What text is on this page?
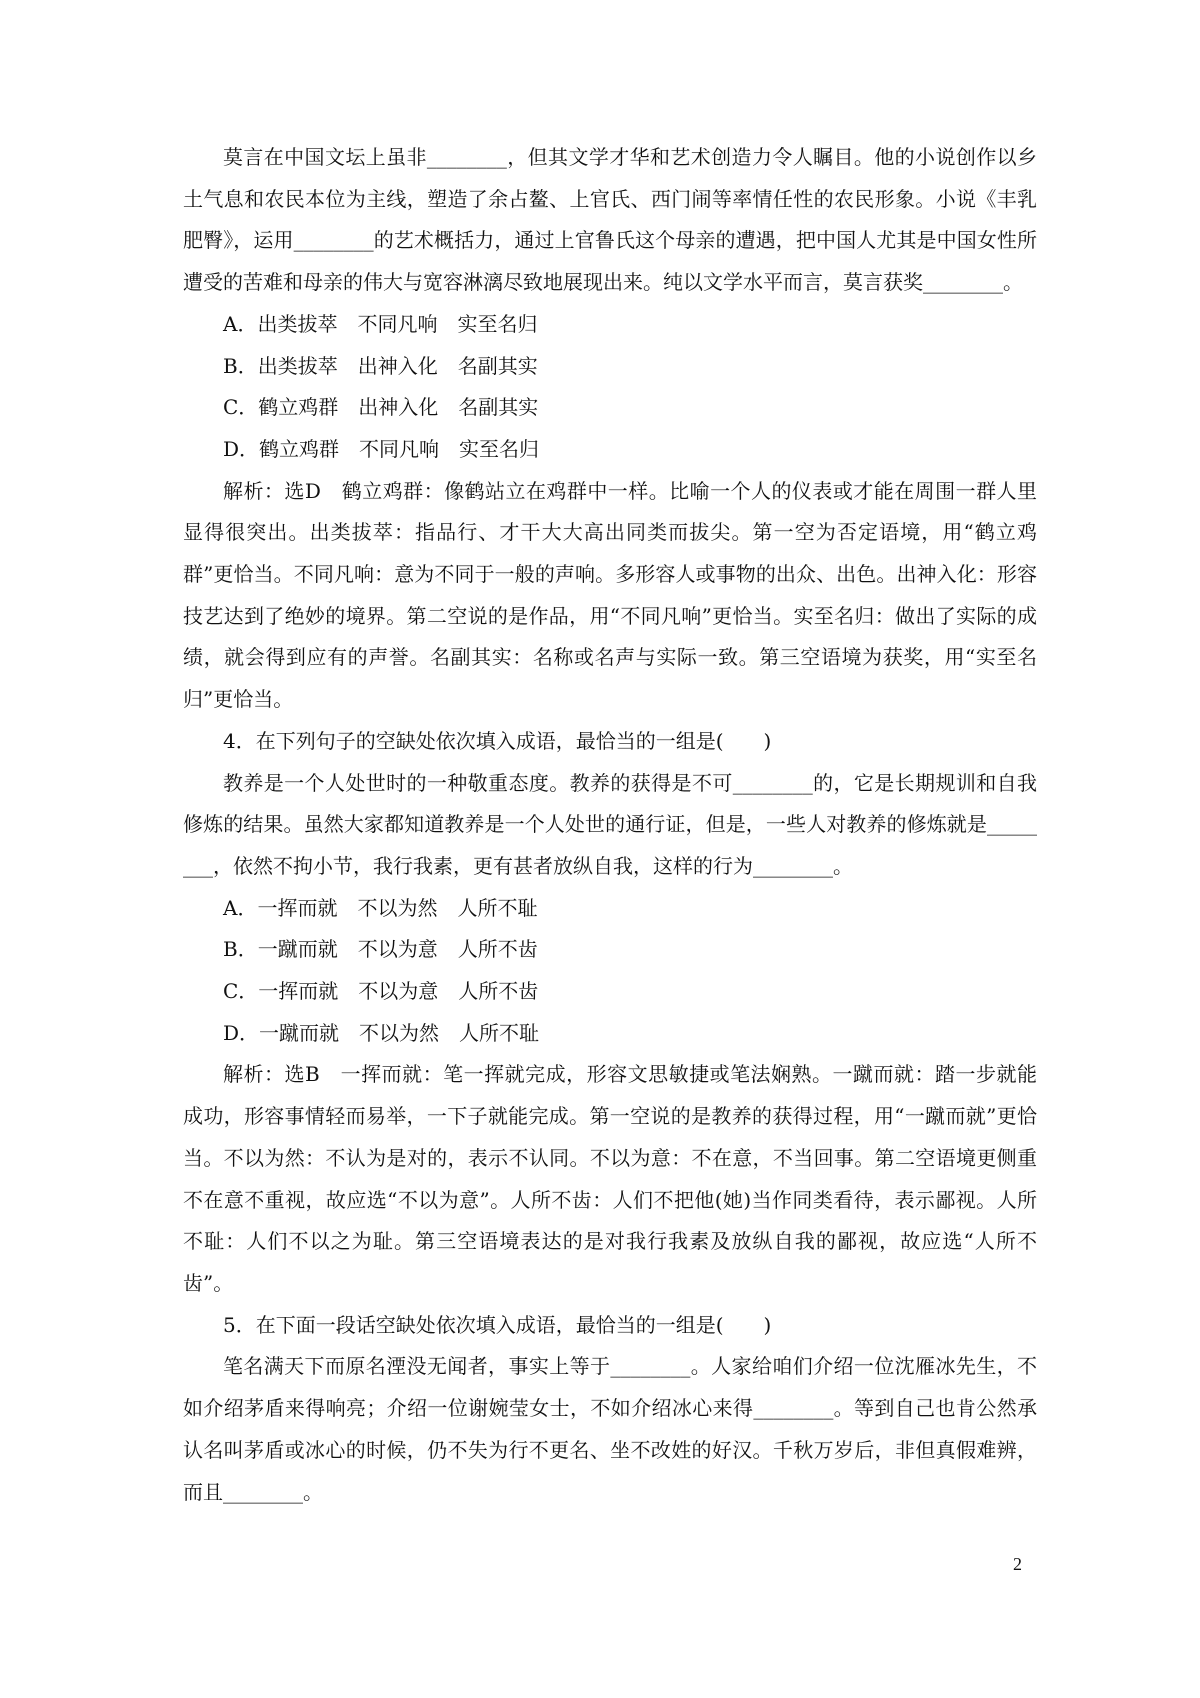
莫言在中国文坛上虽非________，但其文学才华和艺术创造力令人瞩目。他的小说创作以乡土气息和农民本位为主线，塑造了余占鳌、上官氏、西门闹等率情任性的农民形象。小说《丰乳肥臀》，运用________的艺术概括力，通过上官鲁氏这个母亲的遭遇，把中国人尤其是中国女性所遭受的苦难和母亲的伟大与宽容淋漓尽致地展现出来。纯以文学水平而言，莫言获奖________。

A．出类拔萃　不同凡响　实至名归

B．出类拔萃　出神入化　名副其实

C．鹤立鸡群　出神入化　名副其实

D．鹤立鸡群　不同凡响　实至名归

解析：选D　鹤立鸡群：像鹤站立在鸡群中一样。比喻一个人的仪表或才能在周围一群人里显得很突出。出类拔萃：指品行、才干大大高出同类而拔尖。第一空为否定语境，用“鹤立鸡群”更恰当。不同凡响：意为不同于一般的声响。多形容人或事物的出众、出色。出神入化：形容技艺达到了绝妙的境界。第二空说的是作品，用“不同凡响”更恰当。实至名归：做出了实际的成绩，就会得到应有的声誉。名副其实：名称或名声与实际一致。第三空语境为获奖，用“实至名归”更恰当。

4．在下列句子的空缺处依次填入成语，最恰当的一组是(　　)

教养是一个人处世时的一种敬重态度。教养的获得是不可________的，它是长期规训和自我修炼的结果。虽然大家都知道教养是一个人处世的通行证，但是，一些人对教养的修炼就是________，依然不拘小节，我行我素，更有甚者放纵自我，这样的行为________。

A．一挥而就　不以为然　人所不耻

B．一蹴而就　不以为意　人所不齿

C．一挥而就　不以为意　人所不齿

D．一蹴而就　不以为然　人所不耻

解析：选B　一挥而就：笔一挥就完成，形容文思敏捷或笔法娴熟。一蹴而就：踏一步就能成功，形容事情轻而易举，一下子就能完成。第一空说的是教养的获得过程，用“一蹴而就”更恰当。不以为然：不认为是对的，表示不认同。不以为意：不在意，不当回事。第二空语境更侧重不在意不重视，故应选“不以为意”。人所不齿：人们不把他(她)当作同类看待，表示鄙视。人所不耻：人们不以之为耻。第三空语境表达的是对我行我素及放纵自我的鄙视，故应选“人所不齿”。

5．在下面一段话空缺处依次填入成语，最恰当的一组是(　　)

笔名满天下而原名湮没无闻者，事实上等于________。人家给咱们介绍一位沈雁冰先生，不如介绍茅盾来得响亮；介绍一位谢婉莹女士，不如介绍冰心来得________。等到自己也肯公然承认名叫茅盾或冰心的时候，仍不失为行不更名、坐不改姓的好汉。千秋万岁后，非但真假难辨，而且________。

2
